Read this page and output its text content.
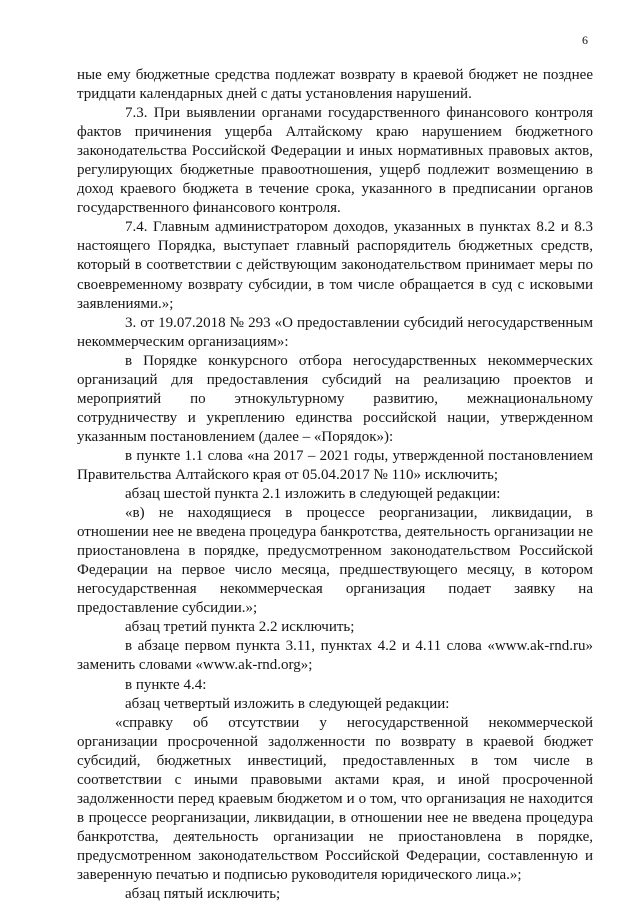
6

ные ему бюджетные средства подлежат возврату в краевой бюджет не позднее тридцати календарных дней с даты установления нарушений.

7.3. При выявлении органами государственного финансового контроля фактов причинения ущерба Алтайскому краю нарушением бюджетного законодательства Российской Федерации и иных нормативных правовых актов, регулирующих бюджетные правоотношения, ущерб подлежит возмещению в доход краевого бюджета в течение срока, указанного в предписании органов государственного финансового контроля.

7.4. Главным администратором доходов, указанных в пунктах 8.2 и 8.3 настоящего Порядка, выступает главный распорядитель бюджетных средств, который в соответствии с действующим законодательством принимает меры по своевременному возврату субсидии, в том числе обращается в суд с исковыми заявлениями.»;

3. от 19.07.2018 № 293 «О предоставлении субсидий негосударственным некоммерческим организациям»:

в Порядке конкурсного отбора негосударственных некоммерческих организаций для предоставления субсидий на реализацию проектов и мероприятий по этнокультурному развитию, межнациональному сотрудничеству и укреплению единства российской нации, утвержденном указанным постановлением (далее – «Порядок»):

в пункте 1.1 слова «на 2017 – 2021 годы, утвержденной постановлением Правительства Алтайского края от 05.04.2017 № 110» исключить;

абзац шестой пункта 2.1 изложить в следующей редакции:

«в) не находящиеся в процессе реорганизации, ликвидации, в отношении нее не введена процедура банкротства, деятельность организации не приостановлена в порядке, предусмотренном законодательством Российской Федерации на первое число месяца, предшествующего месяцу, в котором негосударственная некоммерческая организация подает заявку на предоставление субсидии.»;

абзац третий пункта 2.2 исключить;

в абзаце первом пункта 3.11, пунктах 4.2 и 4.11 слова «www.ak-rnd.ru» заменить словами «www.ak-rnd.org»;

в пункте 4.4:

абзац четвертый изложить в следующей редакции:

«справку об отсутствии у негосударственной некоммерческой организации просроченной задолженности по возврату в краевой бюджет субсидий, бюджетных инвестиций, предоставленных в том числе в соответствии с иными правовыми актами края, и иной просроченной задолженности перед краевым бюджетом и о том, что организация не находится в процессе реорганизации, ликвидации, в отношении нее не введена процедура банкротства, деятельность организации не приостановлена в порядке, предусмотренном законодательством Российской Федерации, составленную и заверенную печатью и подписью руководителя юридического лица.»;

абзац пятый исключить;
